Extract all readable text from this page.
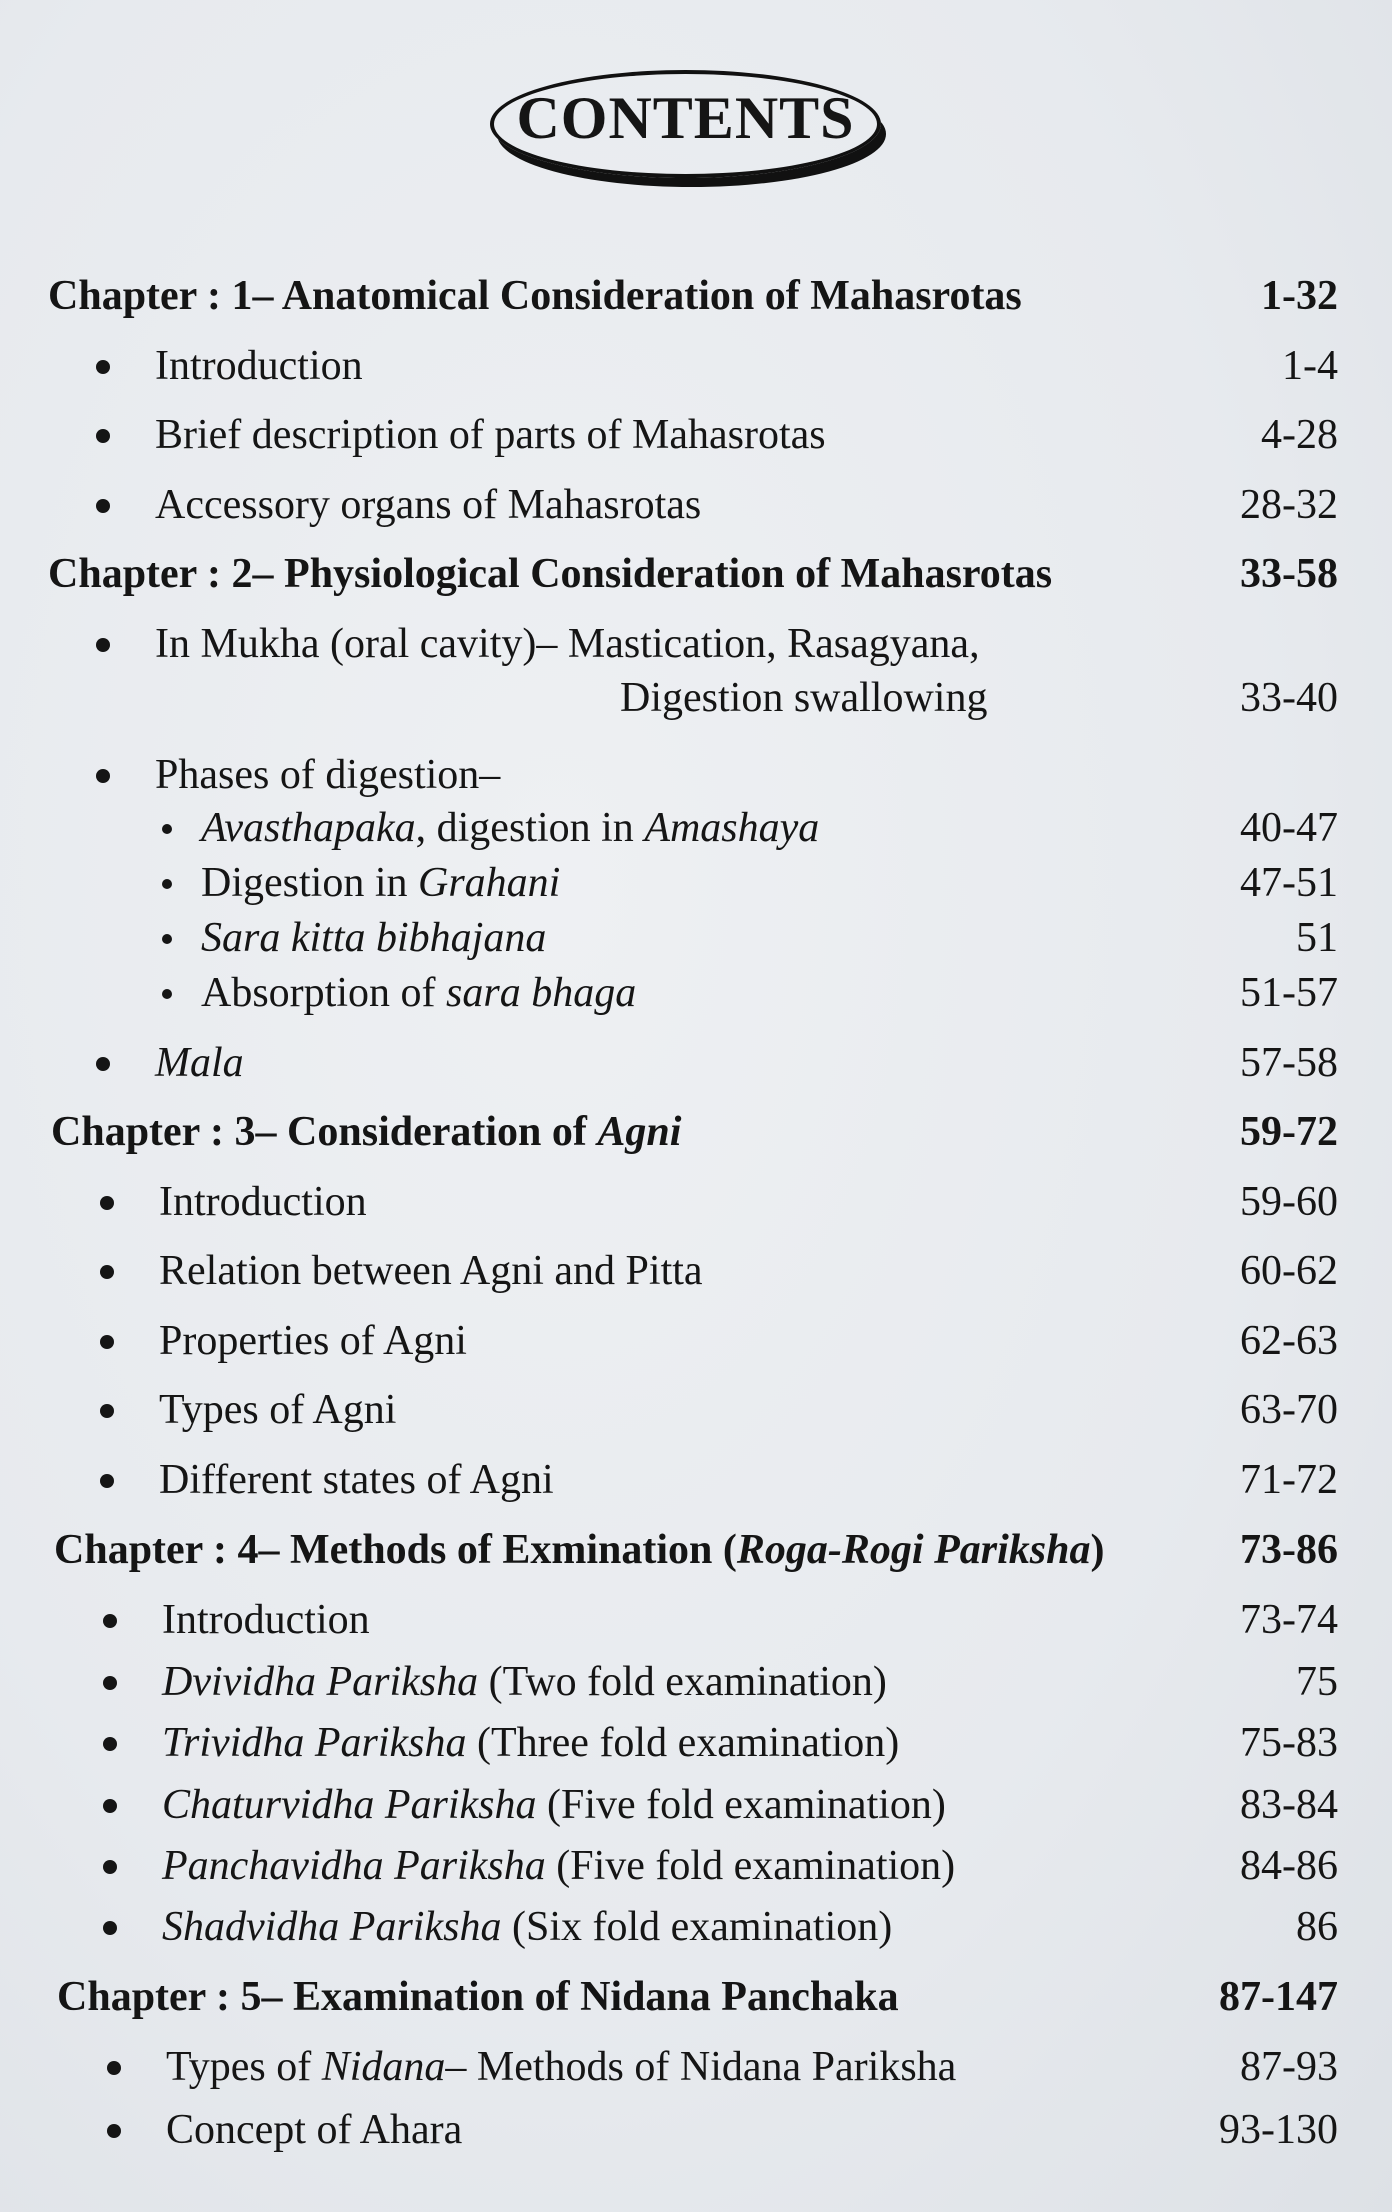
CONTENTS
Chapter : 1– Anatomical Consideration of Mahasrotas	1-32
Introduction	1-4
Brief description of parts of Mahasrotas	4-28
Accessory organs of Mahasrotas	28-32
Chapter : 2– Physiological Consideration of Mahasrotas	33-58
In Mukha (oral cavity)– Mastication, Rasagyana,
Digestion swallowing	33-40
Phases of digestion–
Avasthapaka, digestion in Amashaya	40-47
Digestion in Grahani	47-51
Sara kitta bibhajana	51
Absorption of sara bhaga	51-57
Mala	57-58
Chapter : 3– Consideration of Agni	59-72
Introduction	59-60
Relation between Agni and Pitta	60-62
Properties of Agni	62-63
Types of Agni	63-70
Different states of Agni	71-72
Chapter : 4– Methods of Exmination (Roga-Rogi Pariksha)	73-86
Introduction	73-74
Dvividha Pariksha (Two fold examination)	75
Trividha Pariksha (Three fold examination)	75-83
Chaturvidha Pariksha (Five fold examination)	83-84
Panchavidha Pariksha (Five fold examination)	84-86
Shadvidha Pariksha (Six fold examination)	86
Chapter : 5– Examination of Nidana Panchaka	87-147
Types of Nidana– Methods of Nidana Pariksha	87-93
Concept of Ahara	93-130
